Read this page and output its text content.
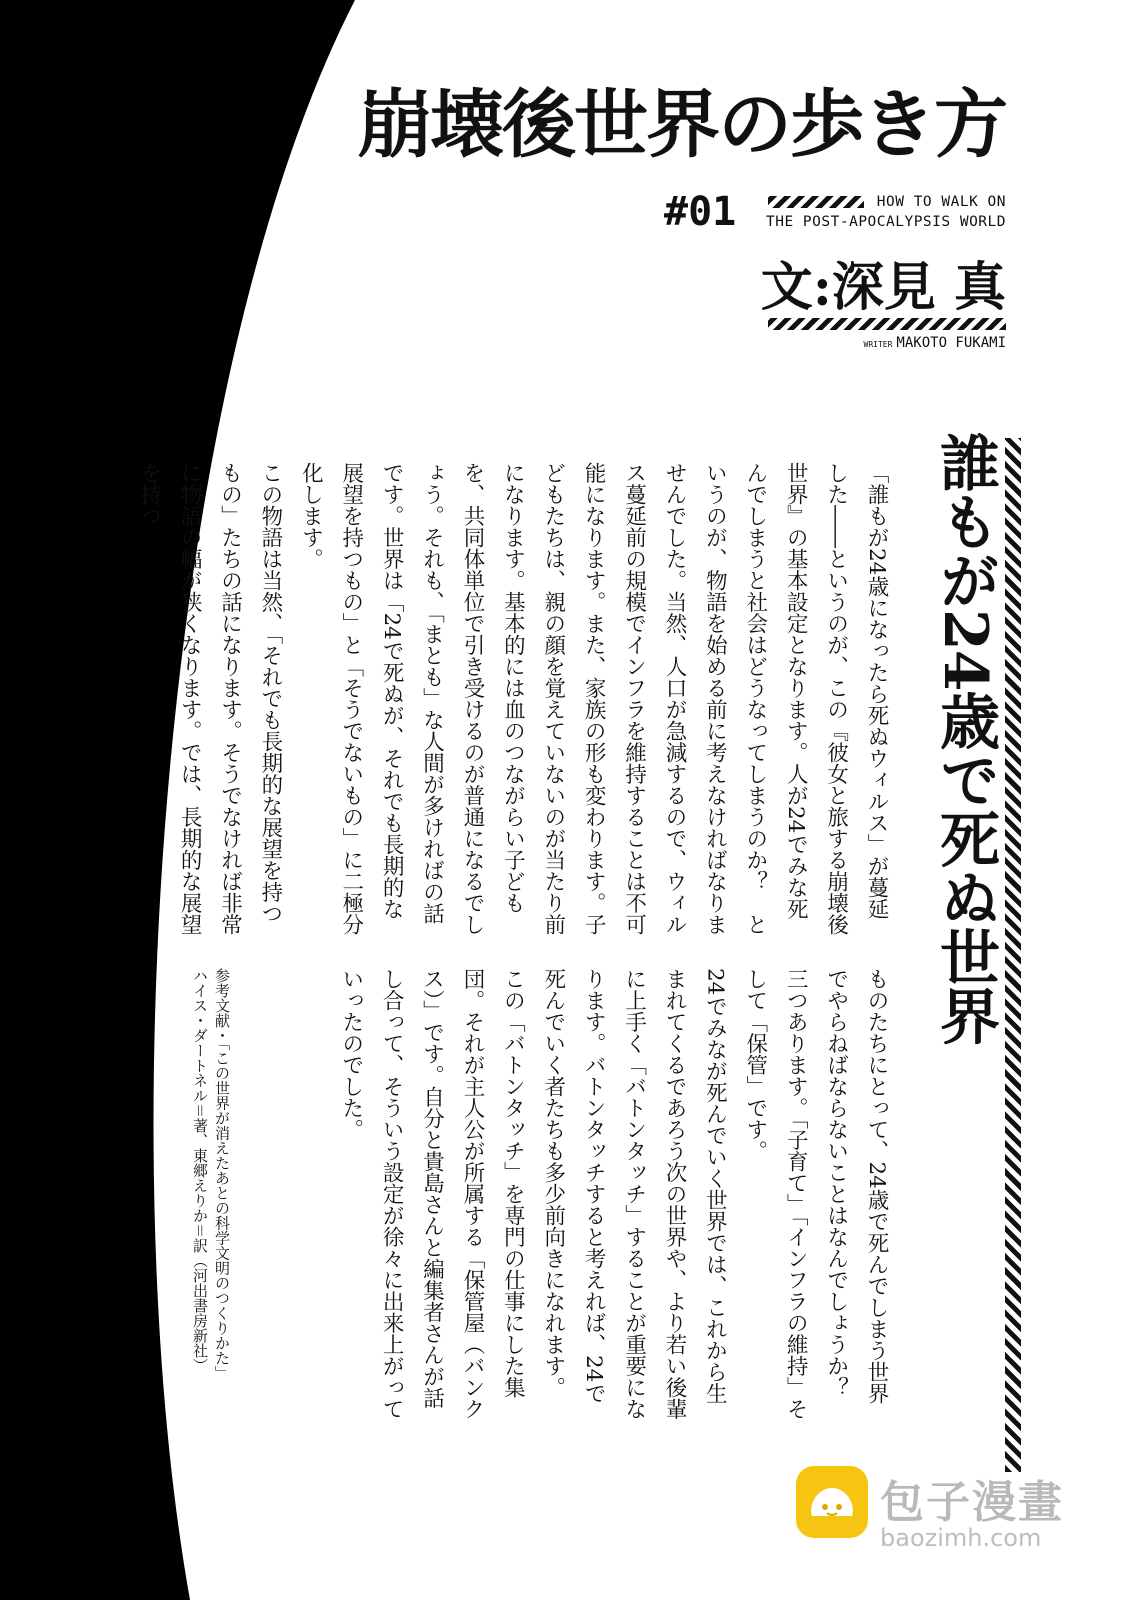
崩壊後世界の歩き方
#01	HOW TO WALK ON
THE POST-APOCALYPSIS WORLD
文:深見 真
WRITER MAKOTO FUKAMI
誰もが24歳で死ぬ世界

「誰もが24歳になったら死ぬウィルス」が蔓延した――というのが、この『彼女と旅する崩壊後世界』の基本設定となります。人が24でみな死んでしまうと社会はどうなってしまうのか？　というのが、物語を始める前に考えなければなりませんでした。当然、人口が急減するので、ウィルス蔓延前の規模でインフラを維持することは不可能になります。また、家族の形も変わります。子どもたちは、親の顔を覚えていないのが当たり前になります。基本的には血のつながらい子どもを、共同体単位で引き受けるのが普通になるでしょう。それも、「まとも」な人間が多ければの話です。世界は「24で死ぬが、それでも長期的な展望を持つもの」と「そうでないもの」に二極分化します。

この物語は当然、「それでも長期的な展望を持つもの」たちの話になります。そうでなければ非常に物語の幅が狭くなります。では、長期的な展望を持つ

ものたちにとって、24歳で死んでしまう世界でやらねばならないことはなんでしょうか？

三つあります。「子育て」「インフラの維持」そして「保管」です。

24でみなが死んでいく世界では、これから生まれてくるであろう次の世界や、より若い後輩に上手く「バトンタッチ」することが重要になります。バトンタッチすると考えれば、24で死んでいく者たちも多少前向きになれます。

この「バトンタッチ」を専門の仕事にした集団。それが主人公が所属する「保管屋（バンクス）」です。自分と貴島さんと編集者さんが話し合って、そういう設定が徐々に出来上がっていったのでした。

参考文献・「この世界が消えたあとの科学文明のつくりかた」

ハイス・ダートネル＝著、東郷えりか＝訳（河出書房新社）

包子漫畫
baozimh.com
